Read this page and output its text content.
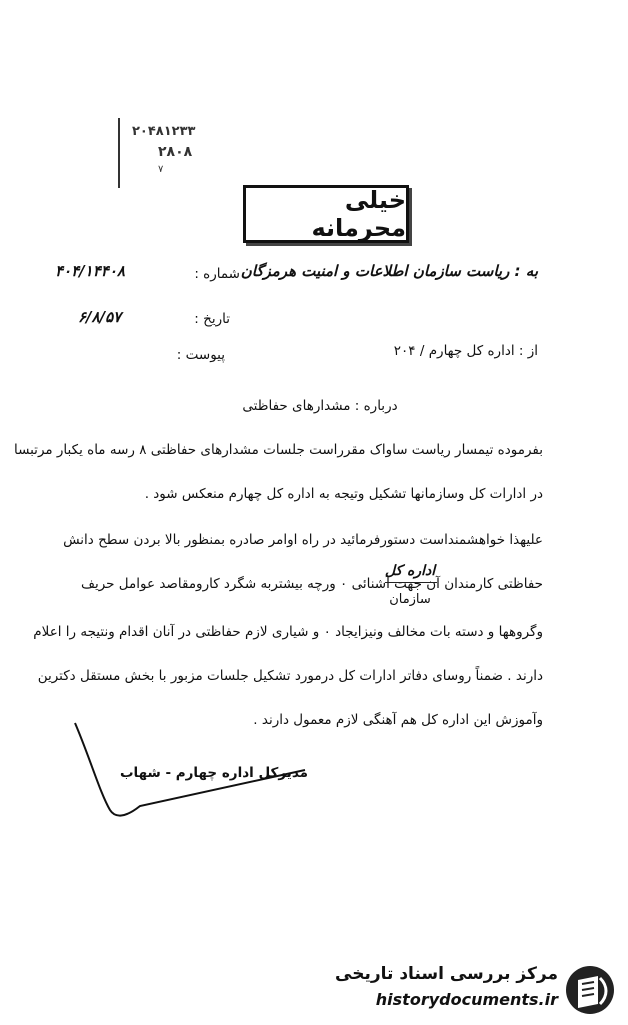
۲۰۴۸۱۲۳۳
۲۸۰۸
۷
خیلی محرمانه
به : ریاست سازمان اطلاعات و امنیت هرمزگان
شماره :
۴۰۴/۱۴۴۰۸
تاریخ :
۶/۸/۵۷
پیوست :	از : اداره کل چهارم / ۲۰۴
درباره : مشدارهای حفاظتی
بفرموده تیمسار ریاست ساواک مقرراست جلسات مشدارهای حفاظتی ۸ رسه ماه یکبار مرتبسا
در ادارات کل وسازمانها تشکیل وتیجه به اداره کل چهارم منعکس شود .
علیهذا خواهشمنداست دستورفرمائید در راه اوامر صادره بمنظور بالا بردن سطح دانش
حفاظتی کارمندان آن جهت آشنائی ۰ ورچه بیشتربه شگرد کارومقاصد عوامل حریف
اداره کل
سازمان
وگروهها و دسته بات مخالف ونیزایجاد ۰ و شیاری لازم حفاظتی در آنان اقدام ونتیجه را اعلام
دارند . ضمناً روسای دفاتر ادارات کل درمورد تشکیل جلسات مزبور با بخش مستقل دکترین
وآموزش این اداره کل هم آهنگی لازم معمول دارند .
مدیرکل اداره چهارم - شهاب
مرکز بررسی اسناد تاریخی
historydocuments.ir
